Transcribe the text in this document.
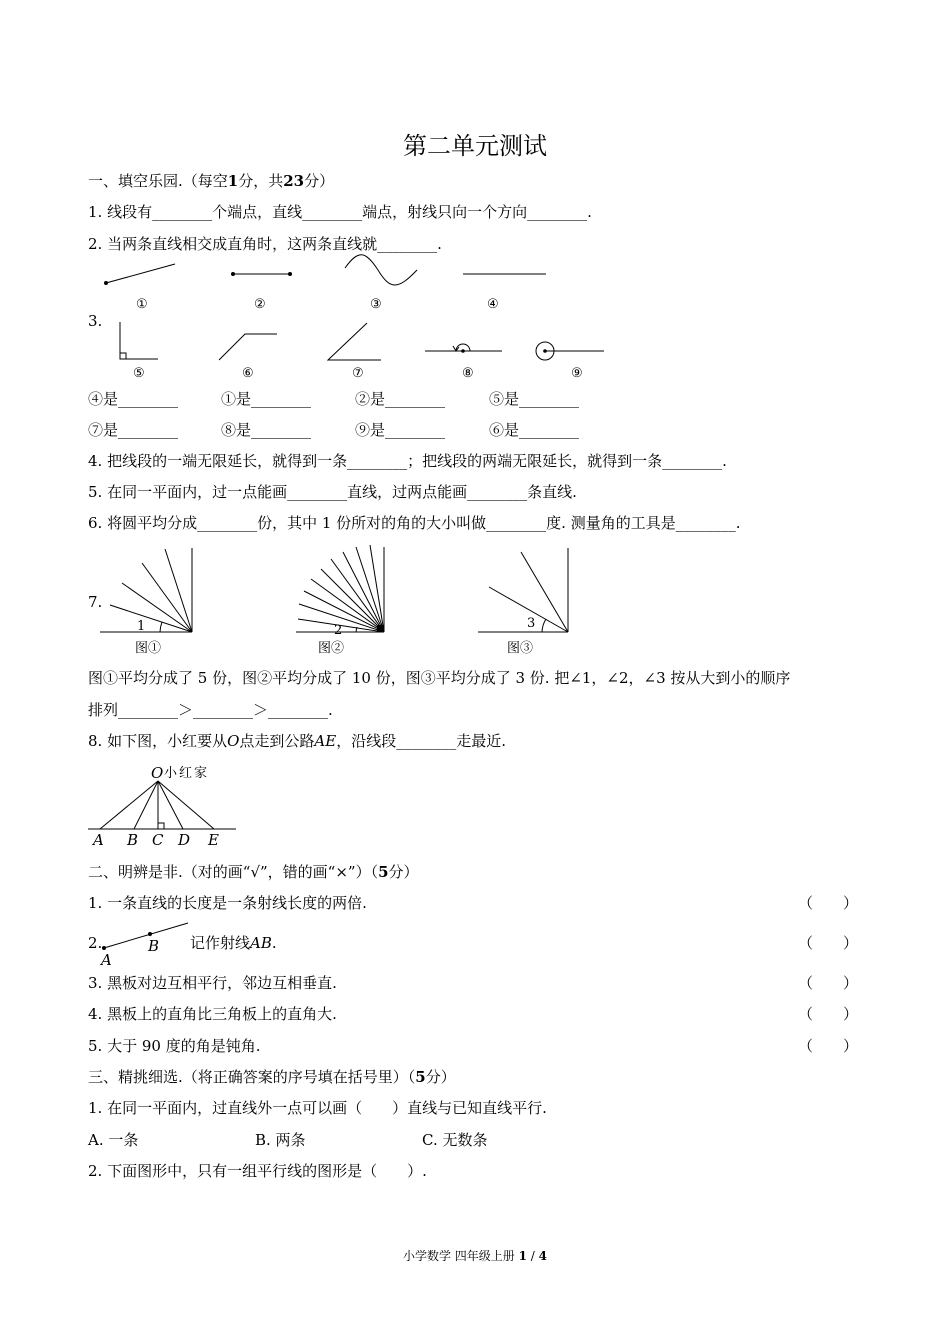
第二单元测试
一、填空乐园.（每空1分，共23分）
1. 线段有________个端点，直线________端点，射线只向一个方向________.
2. 当两条直线相交成直角时，这两条直线就________.
①	②	③	④
3.
⑤	⑥	⑦	⑧	⑨
④是________	①是________	②是________	⑤是________
⑦是________	⑧是________	⑨是________	⑥是________
4. 把线段的一端无限延长，就得到一条________；把线段的两端无限延长，就得到一条________.
5. 在同一平面内，过一点能画________直线，过两点能画________条直线.
6. 将圆平均分成________份，其中 1 份所对的角的大小叫做________度. 测量角的工具是________.
7.
1	2	3
图①	图②	图③
图①平均分成了 5 份，图②平均分成了 10 份，图③平均分成了 3 份. 把∠1，∠2，∠3 按从大到小的顺序
排列________＞________＞________.
8. 如下图，小红要从O点走到公路AE，沿线段________走最近.
O 小红家
A B C D E
二、明辨是非.（对的画“√”，错的画“×”）（5分）
1. 一条直线的长度是一条射线长度的两倍.	（　　）
2.
A
B 记作射线AB.	（　　）
3. 黑板对边互相平行，邻边互相垂直.	（　　）
4. 黑板上的直角比三角板上的直角大.	（　　）
5. 大于 90 度的角是钝角.	（　　）
三、精挑细选.（将正确答案的序号填在括号里）（5分）
1. 在同一平面内，过直线外一点可以画（　　）直线与已知直线平行.
A. 一条	B. 两条	C. 无数条
2. 下面图形中，只有一组平行线的图形是（　　）.
小学数学 四年级上册 1 / 4
